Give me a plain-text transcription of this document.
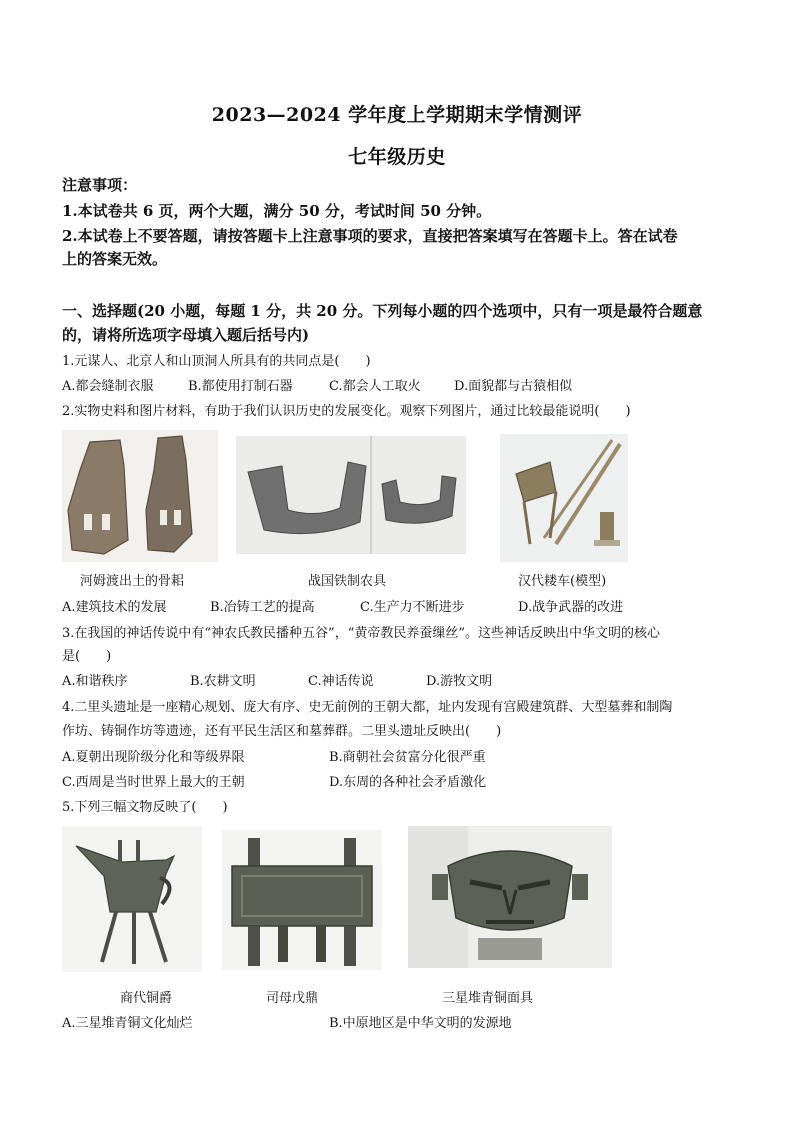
2023—2024 学年度上学期期末学情测评
七年级历史
注意事项：
1.本试卷共 6 页，两个大题，满分 50 分，考试时间 50 分钟。
2.本试卷上不要答题，请按答题卡上注意事项的要求，直接把答案填写在答题卡上。答在试卷
上的答案无效。
一、选择题(20 小题，每题 1 分，共 20 分。下列每小题的四个选项中，只有一项是最符合题意
的，请将所选项字母填入题后括号内)
1.元谋人、北京人和山顶洞人所具有的共同点是(　　)
A.都会缝制衣服	B.都使用打制石器	C.都会人工取火	D.面貌都与古猿相似
2.实物史料和图片材料，有助于我们认识历史的发展变化。观察下列图片，通过比较最能说明(　　)
河姆渡出土的骨耜	战国铁制农具	汉代耧车(模型)
A.建筑技术的发展	B.冶铸工艺的提高	C.生产力不断进步	D.战争武器的改进
3.在我国的神话传说中有“神农氏教民播种五谷”，“黄帝教民养蚕缫丝”。这些神话反映出中华文明的核心
是(　　)
A.和谐秩序	B.农耕文明	C.神话传说	D.游牧文明
4.二里头遗址是一座精心规划、庞大有序、史无前例的王朝大都，址内发现有宫殿建筑群、大型墓葬和制陶
作坊、铸铜作坊等遗迹，还有平民生活区和墓葬群。二里头遗址反映出(　　)
A.夏朝出现阶级分化和等级界限	B.商朝社会贫富分化很严重
C.西周是当时世界上最大的王朝	D.东周的各种社会矛盾激化
5.下列三幅文物反映了(　　)
商代铜爵	司母戊鼎	三星堆青铜面具
A.三星堆青铜文化灿烂	B.中原地区是中华文明的发源地
